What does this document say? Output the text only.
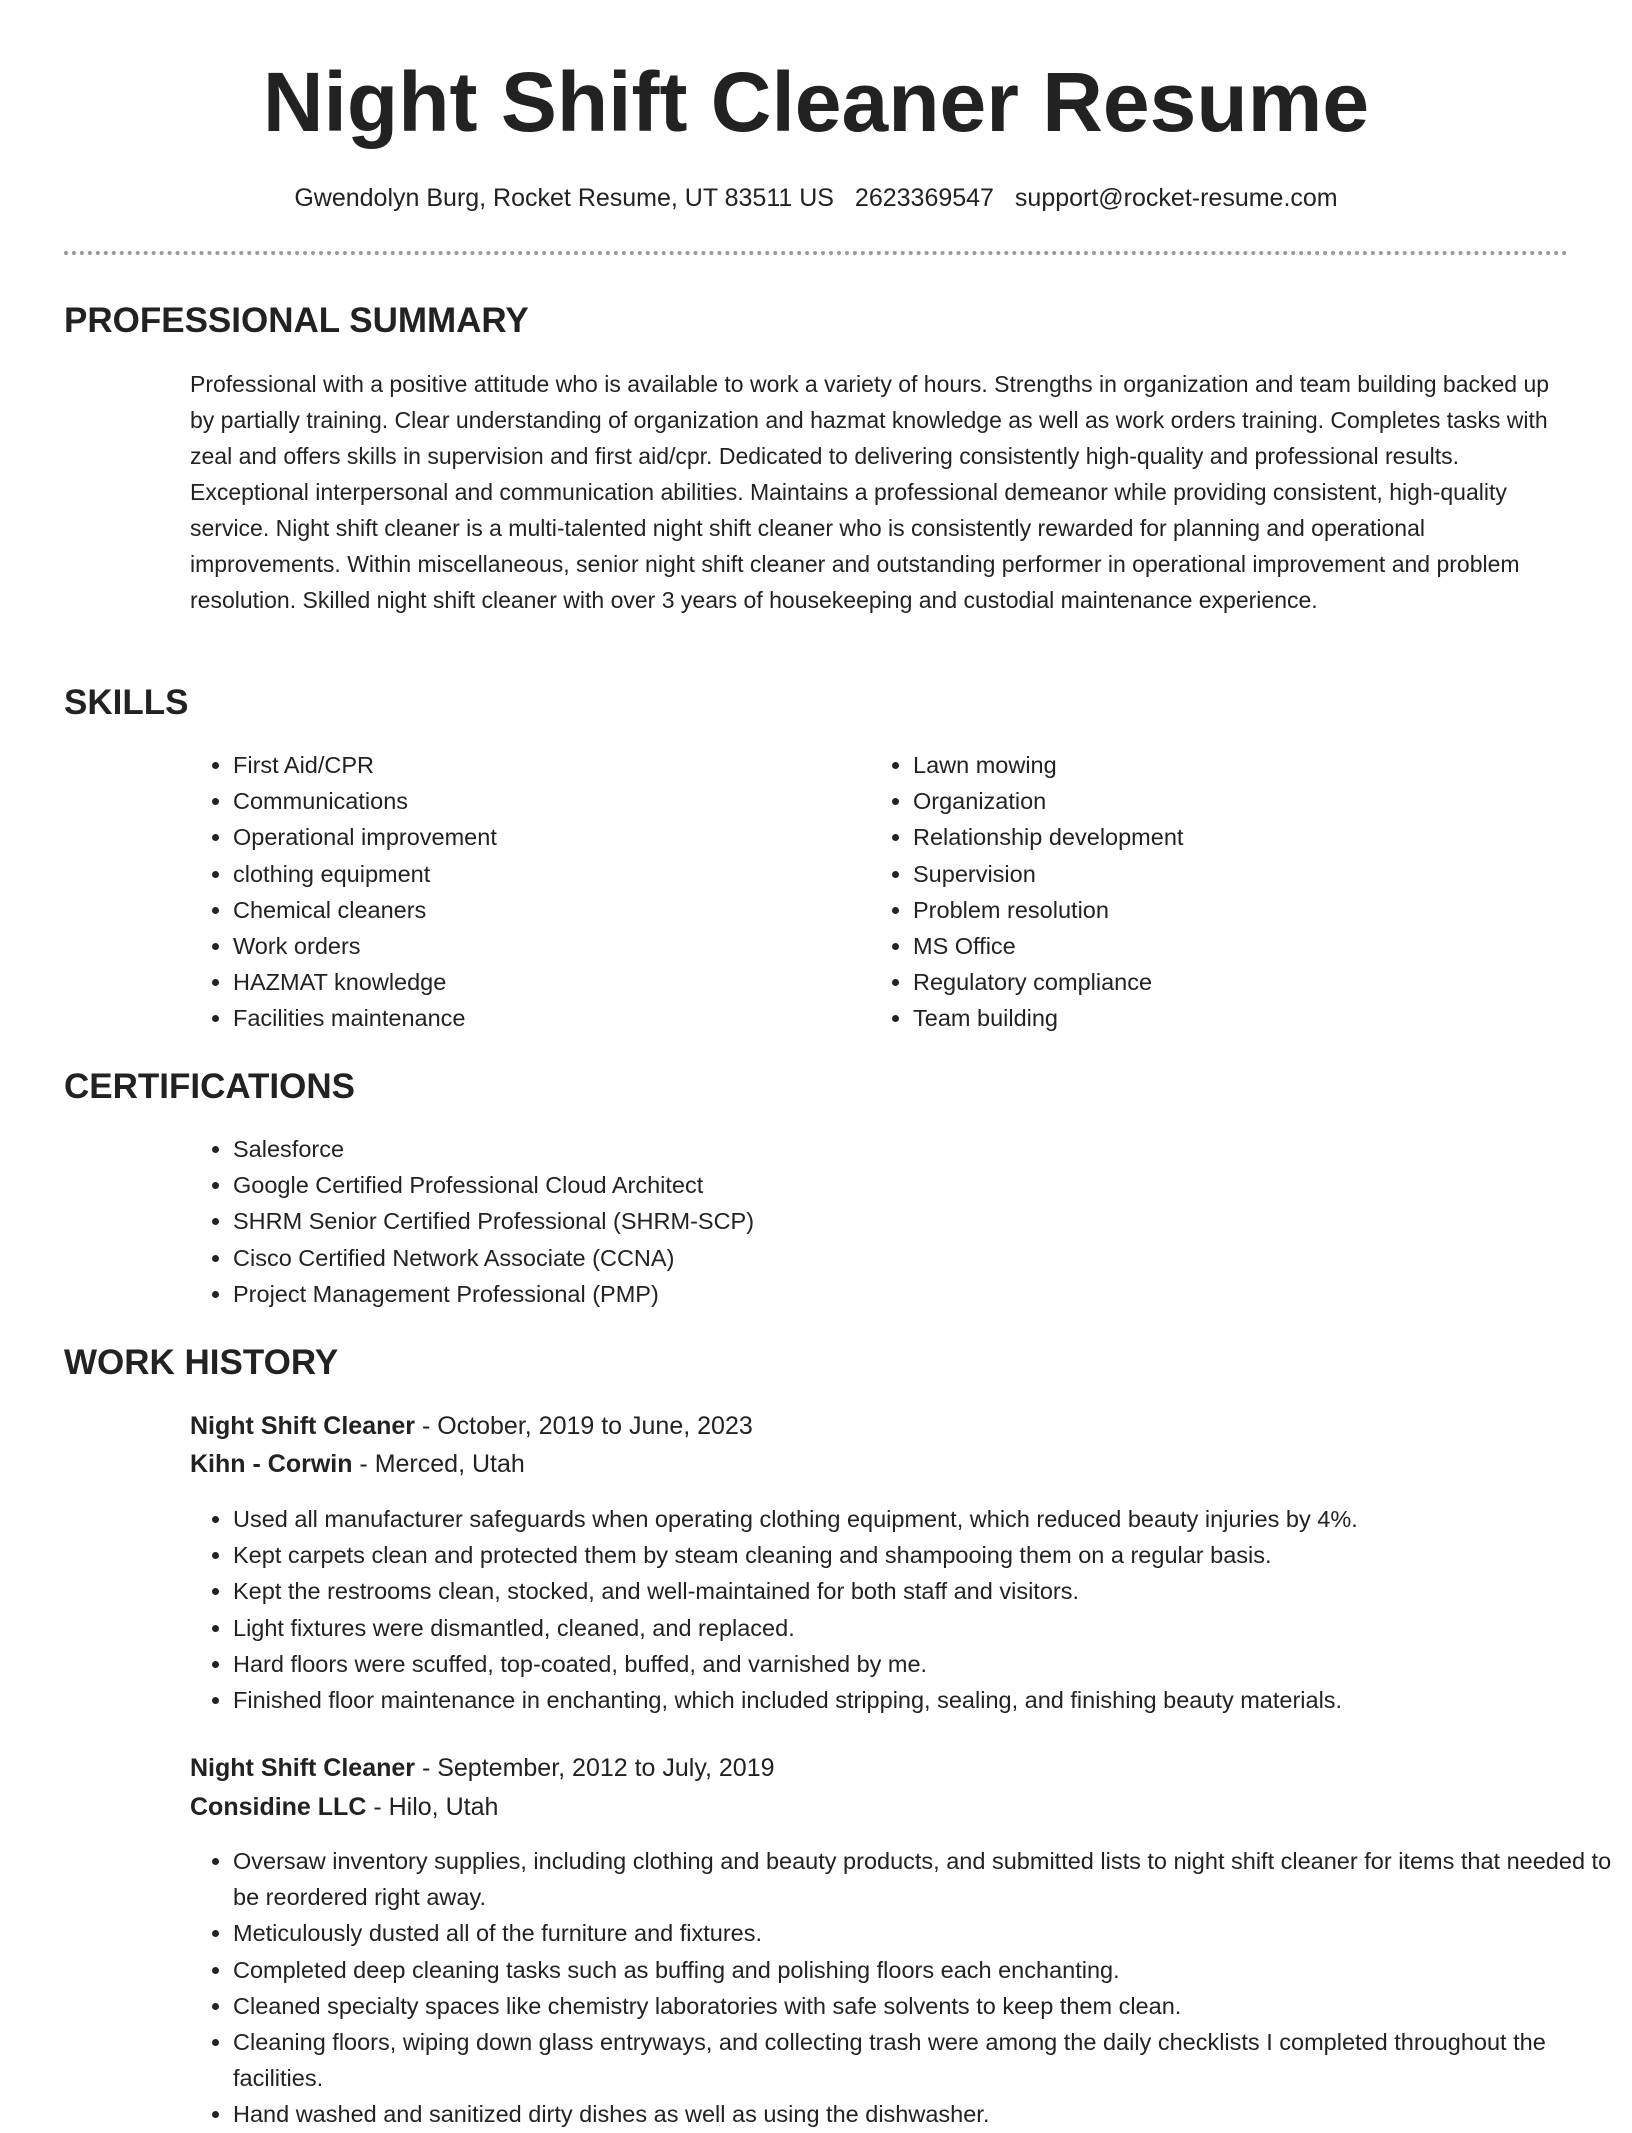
Night Shift Cleaner Resume
Gwendolyn Burg, Rocket Resume, UT 83511 US 2623369547 support@rocket-resume.com
PROFESSIONAL SUMMARY

Professional with a positive attitude who is available to work a variety of hours. Strengths in organization and team building backed up by partially training. Clear understanding of organization and hazmat knowledge as well as work orders training. Completes tasks with zeal and offers skills in supervision and first aid/cpr. Dedicated to delivering consistently high-quality and professional results. Exceptional interpersonal and communication abilities. Maintains a professional demeanor while providing consistent, high-quality service. Night shift cleaner is a multi-talented night shift cleaner who is consistently rewarded for planning and operational improvements. Within miscellaneous, senior night shift cleaner and outstanding performer in operational improvement and problem resolution. Skilled night shift cleaner with over 3 years of housekeeping and custodial maintenance experience.

SKILLS
• First Aid/CPR
• Communications
• Operational improvement
• clothing equipment
• Chemical cleaners
• Work orders
• HAZMAT knowledge
• Facilities maintenance
• Lawn mowing
• Organization
• Relationship development
• Supervision
• Problem resolution
• MS Office
• Regulatory compliance
• Team building
CERTIFICATIONS
• Salesforce
• Google Certified Professional Cloud Architect
• SHRM Senior Certified Professional (SHRM-SCP)
• Cisco Certified Network Associate (CCNA)
• Project Management Professional (PMP)
WORK HISTORY
Night Shift Cleaner - October, 2019 to June, 2023
Kihn - Corwin - Merced, Utah
• Used all manufacturer safeguards when operating clothing equipment, which reduced beauty injuries by 4%.
• Kept carpets clean and protected them by steam cleaning and shampooing them on a regular basis.
• Kept the restrooms clean, stocked, and well-maintained for both staff and visitors.
• Light fixtures were dismantled, cleaned, and replaced.
• Hard floors were scuffed, top-coated, buffed, and varnished by me.
• Finished floor maintenance in enchanting, which included stripping, sealing, and finishing beauty materials.
Night Shift Cleaner - September, 2012 to July, 2019
Considine LLC - Hilo, Utah
• Oversaw inventory supplies, including clothing and beauty products, and submitted lists to night shift cleaner for items that needed to be reordered right away.
• Meticulously dusted all of the furniture and fixtures.
• Completed deep cleaning tasks such as buffing and polishing floors each enchanting.
• Cleaned specialty spaces like chemistry laboratories with safe solvents to keep them clean.
• Cleaning floors, wiping down glass entryways, and collecting trash were among the daily checklists I completed throughout the facilities.
• Hand washed and sanitized dirty dishes as well as using the dishwasher.
